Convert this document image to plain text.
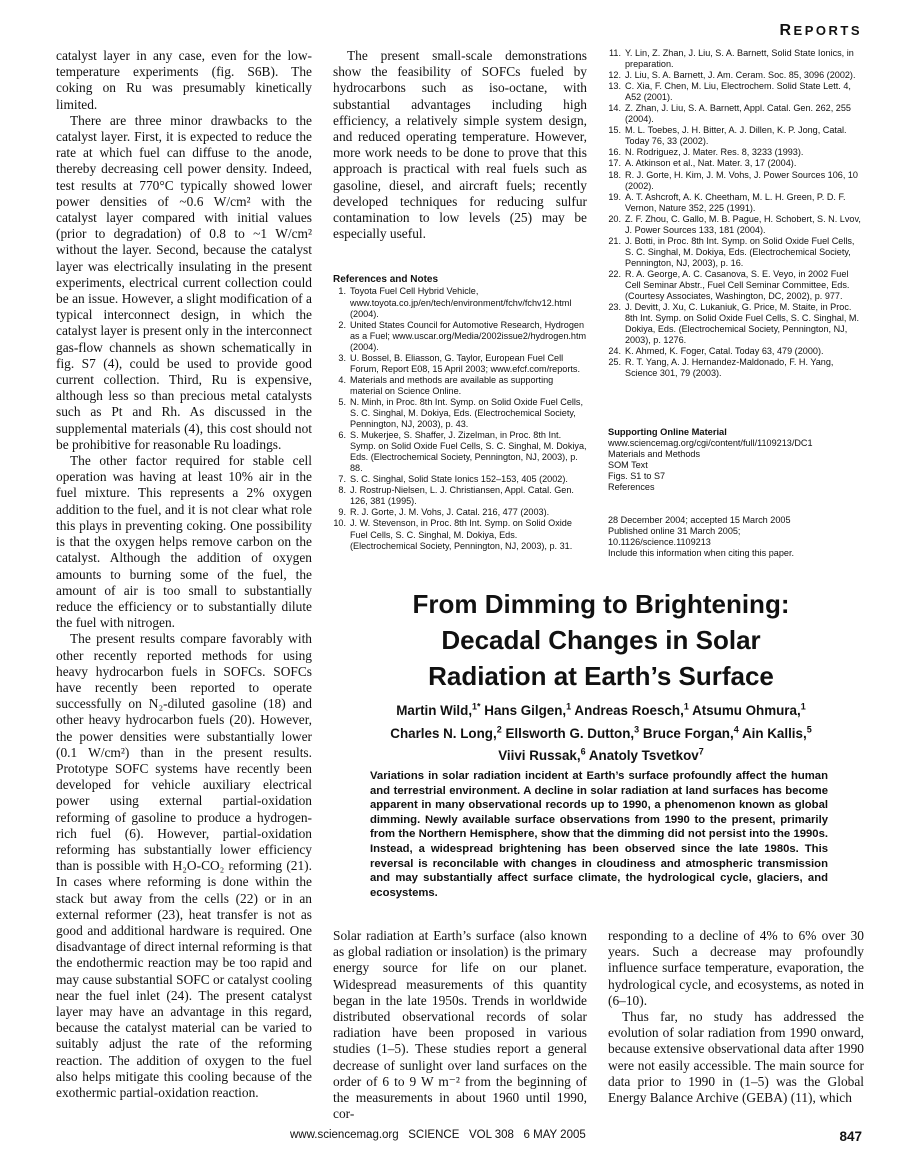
REPORTS

catalyst layer in any case, even for the low-temperature experiments (fig. S6B). The coking on Ru was presumably kinetically limited.

There are three minor drawbacks to the catalyst layer. First, it is expected to reduce the rate at which fuel can diffuse to the anode, thereby decreasing cell power density. Indeed, test results at 770°C typically showed lower power densities of ~0.6 W/cm² with the catalyst layer compared with initial values (prior to degradation) of 0.8 to ~1 W/cm² without the layer. Second, because the catalyst layer was electrically insulating in the present experiments, electrical current collection could be an issue. However, a slight modification of a typical interconnect design, in which the catalyst layer is present only in the interconnect gas-flow channels as shown schematically in fig. S7 (4), could be used to provide good current collection. Third, Ru is expensive, although less so than precious metal catalysts such as Pt and Rh. As discussed in the supplemental materials (4), this cost should not be prohibitive for reasonable Ru loadings.

The other factor required for stable cell operation was having at least 10% air in the fuel mixture. This represents a 2% oxygen addition to the fuel, and it is not clear what role this plays in preventing coking. One possibility is that the oxygen helps remove carbon on the catalyst. Although the addition of oxygen amounts to burning some of the fuel, the amount of air is too small to substantially reduce the efficiency or to substantially dilute the fuel with nitrogen.

The present results compare favorably with other recently reported methods for using heavy hydrocarbon fuels in SOFCs. SOFCs have recently been reported to operate successfully on N₂-diluted gasoline (18) and other heavy hydrocarbon fuels (20). However, the power densities were substantially lower (0.1 W/cm²) than in the present results. Prototype SOFC systems have recently been developed for vehicle auxiliary electrical power using external partial-oxidation reforming of gasoline to produce a hydrogen-rich fuel (6). However, partial-oxidation reforming has substantially lower efficiency than is possible with H₂O-CO₂ reforming (21). In cases where reforming is done within the stack but away from the cells (22) or in an external reformer (23), heat transfer is not as good and additional hardware is required. One disadvantage of direct internal reforming is that the endothermic reaction may be too rapid and may cause substantial SOFC or catalyst cooling near the fuel inlet (24). The present catalyst layer may have an advantage in this regard, because the catalyst material can be varied to suitably adjust the rate of the reforming reaction. The addition of oxygen to the fuel also helps mitigate this cooling because of the exothermic partial-oxidation reaction.

The present small-scale demonstrations show the feasibility of SOFCs fueled by hydrocarbons such as iso-octane, with substantial advantages including high efficiency, a relatively simple system design, and reduced operating temperature. However, more work needs to be done to prove that this approach is practical with real fuels such as gasoline, diesel, and aircraft fuels; recently developed techniques for reducing sulfur contamination to low levels (25) may be especially useful.

References and Notes
1. Toyota Fuel Cell Hybrid Vehicle, www.toyota.co.jp/en/tech/environment/fchv/fchv12.html (2004).
2. United States Council for Automotive Research, Hydrogen as a Fuel; www.uscar.org/Media/2002issue2/hydrogen.htm (2004).
3. U. Bossel, B. Eliasson, G. Taylor, European Fuel Cell Forum, Report E08, 15 April 2003; www.efcf.com/reports.
4. Materials and methods are available as supporting material on Science Online.
5. N. Minh, in Proc. 8th Int. Symp. on Solid Oxide Fuel Cells, S. C. Singhal, M. Dokiya, Eds. (Electrochemical Society, Pennington, NJ, 2003), p. 43.
6. S. Mukerjee, S. Shaffer, J. Zizelman, in Proc. 8th Int. Symp. on Solid Oxide Fuel Cells, S. C. Singhal, M. Dokiya, Eds. (Electrochemical Society, Pennington, NJ, 2003), p. 88.
7. S. C. Singhal, Solid State Ionics 152–153, 405 (2002).
8. J. Rostrup-Nielsen, L. J. Christiansen, Appl. Catal. Gen. 126, 381 (1995).
9. R. J. Gorte, J. M. Vohs, J. Catal. 216, 477 (2003).
10. J. W. Stevenson, in Proc. 8th Int. Symp. on Solid Oxide Fuel Cells, S. C. Singhal, M. Dokiya, Eds. (Electrochemical Society, Pennington, NJ, 2003), p. 31.
11. Y. Lin, Z. Zhan, J. Liu, S. A. Barnett, Solid State Ionics, in preparation.
12. J. Liu, S. A. Barnett, J. Am. Ceram. Soc. 85, 3096 (2002).
13. C. Xia, F. Chen, M. Liu, Electrochem. Solid State Lett. 4, A52 (2001).
14. Z. Zhan, J. Liu, S. A. Barnett, Appl. Catal. Gen. 262, 255 (2004).
15. M. L. Toebes, J. H. Bitter, A. J. Dillen, K. P. Jong, Catal. Today 76, 33 (2002).
16. N. Rodriguez, J. Mater. Res. 8, 3233 (1993).
17. A. Atkinson et al., Nat. Mater. 3, 17 (2004).
18. R. J. Gorte, H. Kim, J. M. Vohs, J. Power Sources 106, 10 (2002).
19. A. T. Ashcroft, A. K. Cheetham, M. L. H. Green, P. D. F. Vernon, Nature 352, 225 (1991).
20. Z. F. Zhou, C. Gallo, M. B. Pague, H. Schobert, S. N. Lvov, J. Power Sources 133, 181 (2004).
21. J. Botti, in Proc. 8th Int. Symp. on Solid Oxide Fuel Cells, S. C. Singhal, M. Dokiya, Eds. (Electrochemical Society, Pennington, NJ, 2003), p. 16.
22. R. A. George, A. C. Casanova, S. E. Veyo, in 2002 Fuel Cell Seminar Abstr., Fuel Cell Seminar Committee, Eds. (Courtesy Associates, Washington, DC, 2002), p. 977.
23. J. Devitt, J. Xu, C. Lukaniuk, G. Price, M. Staite, in Proc. 8th Int. Symp. on Solid Oxide Fuel Cells, S. C. Singhal, M. Dokiya, Eds. (Electrochemical Society, Pennington, NJ, 2003), p. 1276.
24. K. Ahmed, K. Foger, Catal. Today 63, 479 (2000).
25. R. T. Yang, A. J. Hernandez-Maldonado, F. H. Yang, Science 301, 79 (2003).
Supporting Online Material
www.sciencemag.org/cgi/content/full/1109213/DC1
Materials and Methods
SOM Text
Figs. S1 to S7
References
28 December 2004; accepted 15 March 2005
Published online 31 March 2005;
10.1126/science.1109213
Include this information when citing this paper.
From Dimming to Brightening:
Decadal Changes in Solar
Radiation at Earth’s Surface
Martin Wild,$^{1*}$ Hans Gilgen,$^1$ Andreas Roesch,$^1$ Atsumu Ohmura,$^1$
Charles N. Long,$^2$ Ellsworth G. Dutton,$^3$ Bruce Forgan,$^4$ Ain Kallis,$^5$
Viivi Russak,$^6$ Anatoly Tsvetkov$^7$
Variations in solar radiation incident at Earth’s surface profoundly affect the human and terrestrial environment. A decline in solar radiation at land surfaces has become apparent in many observational records up to 1990, a phenomenon known as global dimming. Newly available surface observations from 1990 to the present, primarily from the Northern Hemisphere, show that the dimming did not persist into the 1990s. Instead, a widespread brightening has been observed since the late 1980s. This reversal is reconcilable with changes in cloudiness and atmospheric transmission and may substantially affect surface climate, the hydrological cycle, glaciers, and ecosystems.

Solar radiation at Earth’s surface (also known as global radiation or insolation) is the primary energy source for life on our planet. Widespread measurements of this quantity began in the late 1950s. Trends in worldwide distributed observational records of solar radiation have been proposed in various studies (1–5). These studies report a general decrease of sunlight over land surfaces on the order of 6 to 9 W m⁻² from the beginning of the measurements in about 1960 until 1990, cor-

responding to a decline of 4% to 6% over 30 years. Such a decrease may profoundly influence surface temperature, evaporation, the hydrological cycle, and ecosystems, as noted in (6–10).

Thus far, no study has addressed the evolution of solar radiation from 1990 onward, because extensive observational data after 1990 were not easily accessible. The main source for data prior to 1990 in (1–5) was the Global Energy Balance Archive (GEBA) (11), which

www.sciencemag.org SCIENCE VOL 308 6 MAY 2005	847
